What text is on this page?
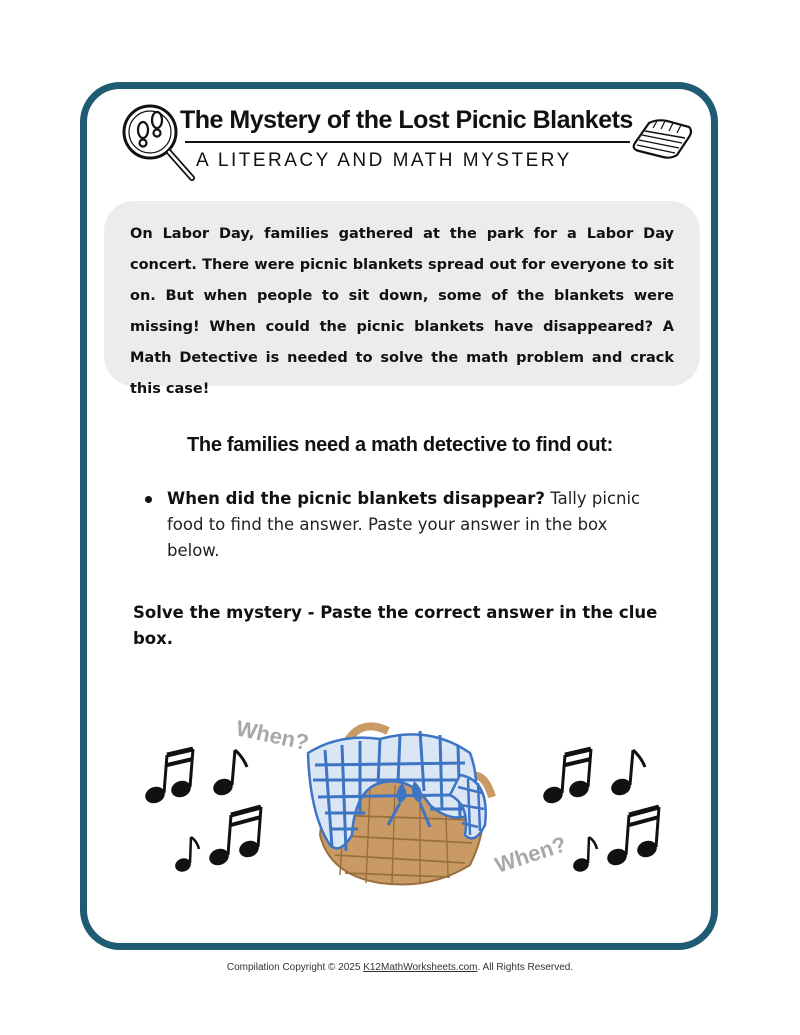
The Mystery of the Lost Picnic Blankets
A LITERACY AND MATH MYSTERY

On Labor Day, families gathered at the park for a Labor Day concert. There were picnic blankets spread out for everyone to sit on. But when people to sit down, some of the blankets were missing! When could the picnic blankets have disappeared? A Math Detective is needed to solve the math problem and crack this case!

The families need a math detective to find out:
When did the picnic blankets disappear? Tally picnic food to find the answer. Paste your answer in the box below.
Solve the mystery - Paste the correct answer in the clue box.
When?
When?
Compilation Copyright © 2025 K12MathWorksheets.com. All Rights Reserved.
